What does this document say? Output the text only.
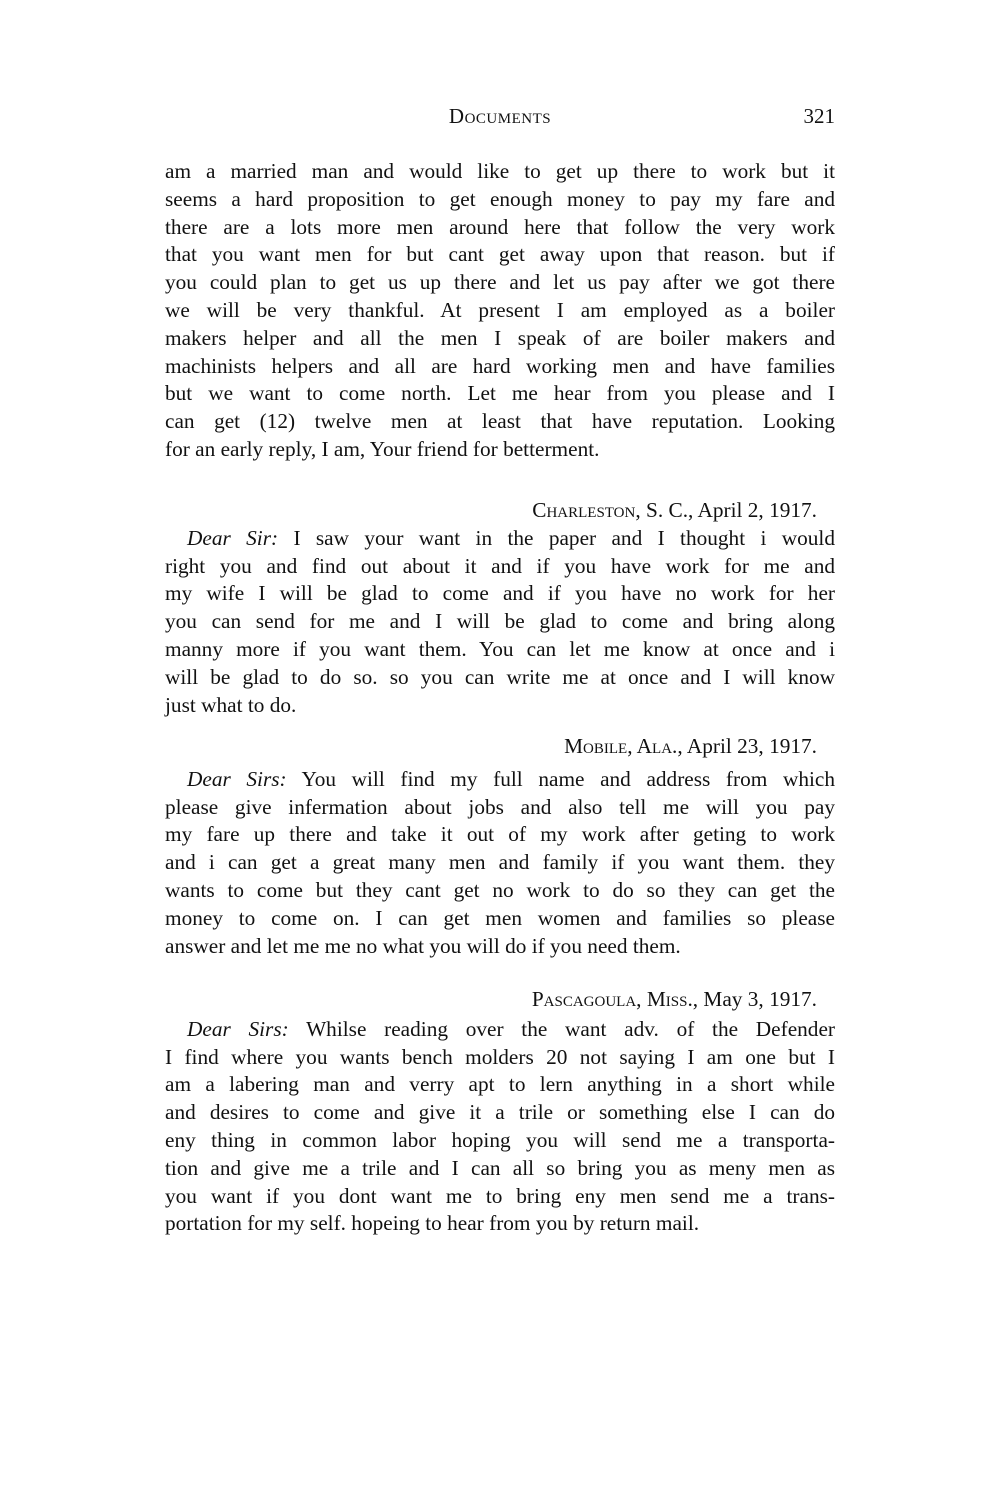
Documents	321
am a married man and would like to get up there to work but it
seems a hard proposition to get enough money to pay my fare and
there are a lots more men around here that follow the very work
that you want men for but cant get away upon that reason. but if
you could plan to get us up there and let us pay after we got there
we will be very thankful. At present I am employed as a boiler
makers helper and all the men I speak of are boiler makers and
machinists helpers and all are hard working men and have families
but we want to come north. Let me hear from you please and I
can get (12) twelve men at least that have reputation. Looking
for an early reply, I am, Your friend for betterment.
Charleston, S. C., April 2, 1917.
Dear Sir: I saw your want in the paper and I thought i would
right you and find out about it and if you have work for me and
my wife I will be glad to come and if you have no work for her
you can send for me and I will be glad to come and bring along
manny more if you want them. You can let me know at once and i
will be glad to do so. so you can write me at once and I will know
just what to do.
Mobile, Ala., April 23, 1917.
Dear Sirs: You will find my full name and address from which
please give infermation about jobs and also tell me will you pay
my fare up there and take it out of my work after geting to work
and i can get a great many men and family if you want them. they
wants to come but they cant get no work to do so they can get the
money to come on. I can get men women and families so please
answer and let me me no what you will do if you need them.
Pascagoula, Miss., May 3, 1917.
Dear Sirs: Whilse reading over the want adv. of the Defender
I find where you wants bench molders 20 not saying I am one but I
am a labering man and verry apt to lern anything in a short while
and desires to come and give it a trile or something else I can do
eny thing in common labor hoping you will send me a transporta-
tion and give me a trile and I can all so bring you as meny men as
you want if you dont want me to bring eny men send me a trans-
portation for my self. hopeing to hear from you by return mail.
